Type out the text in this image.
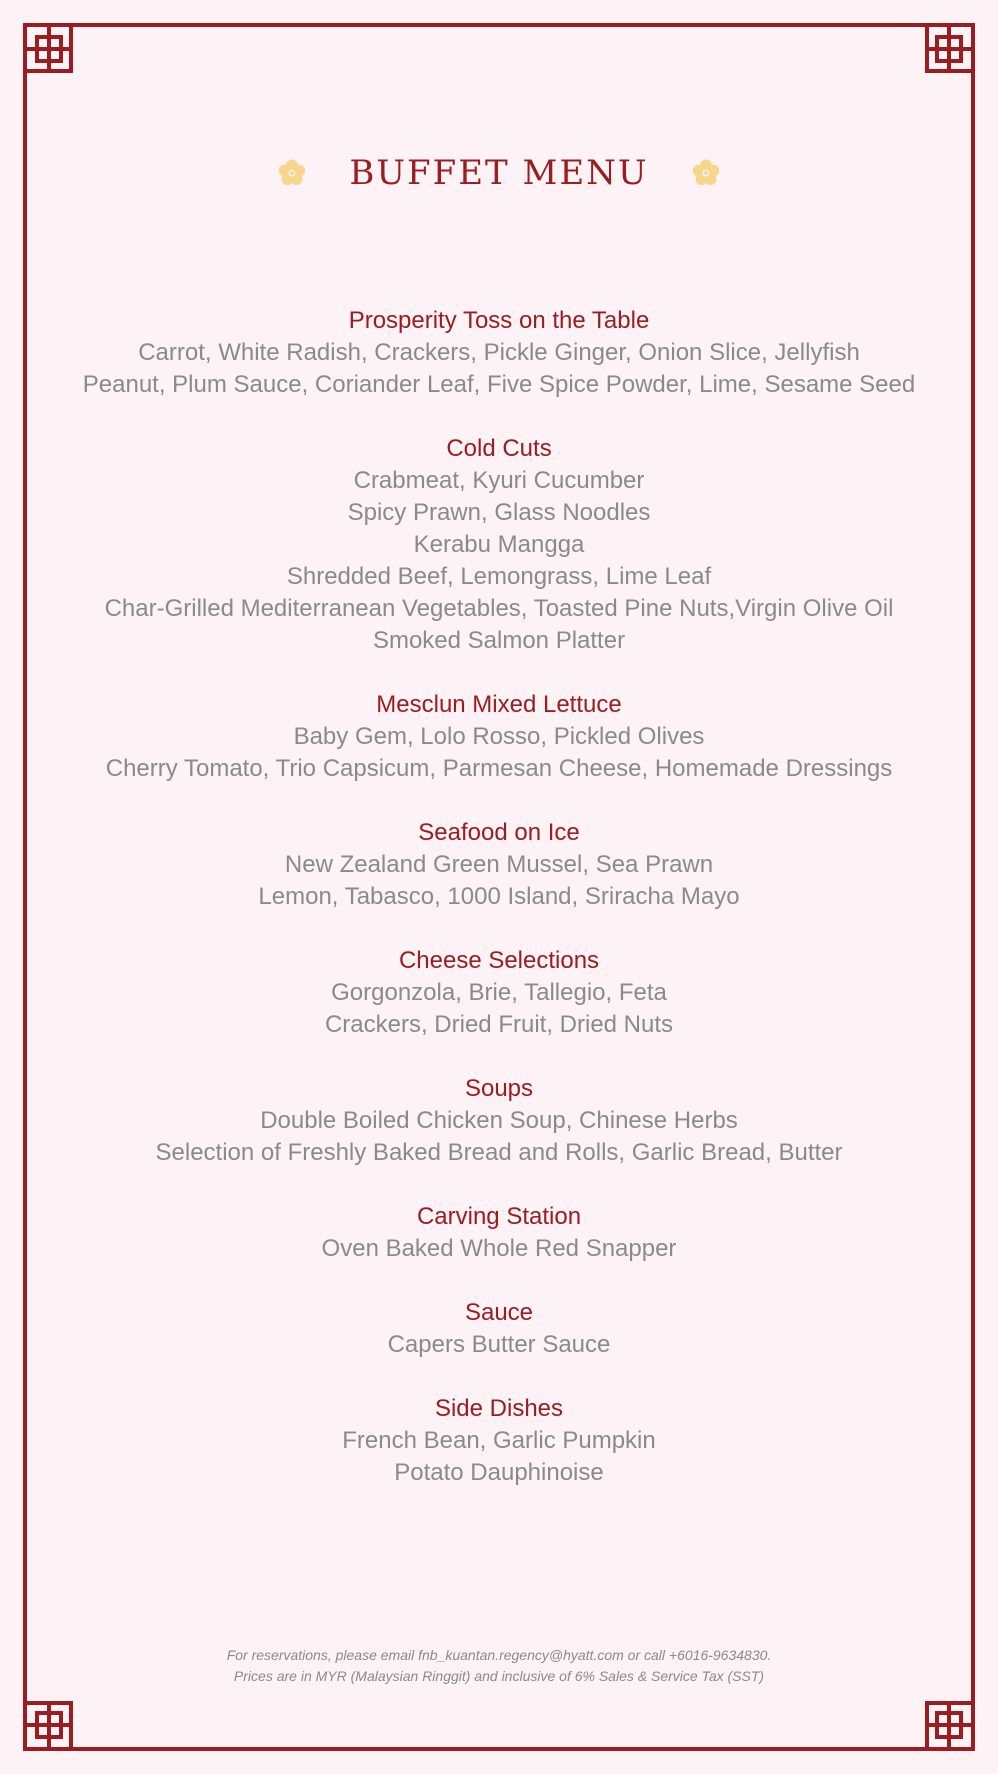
BUFFET MENU
Prosperity Toss on the Table
Carrot, White Radish, Crackers, Pickle Ginger, Onion Slice, Jellyfish
Peanut, Plum Sauce, Coriander Leaf, Five Spice Powder, Lime, Sesame Seed
Cold Cuts
Crabmeat, Kyuri Cucumber
Spicy Prawn, Glass Noodles
Kerabu Mangga
Shredded Beef, Lemongrass, Lime Leaf
Char-Grilled Mediterranean Vegetables, Toasted Pine Nuts,Virgin Olive Oil
Smoked Salmon Platter
Mesclun Mixed Lettuce
Baby Gem, Lolo Rosso, Pickled Olives
Cherry Tomato, Trio Capsicum, Parmesan Cheese, Homemade Dressings
Seafood on Ice
New Zealand Green Mussel, Sea Prawn
Lemon, Tabasco, 1000 Island, Sriracha Mayo
Cheese Selections
Gorgonzola, Brie, Tallegio, Feta
Crackers, Dried Fruit, Dried Nuts
Soups
Double Boiled Chicken Soup, Chinese Herbs
Selection of Freshly Baked Bread and Rolls, Garlic Bread, Butter
Carving Station
Oven Baked Whole Red Snapper
Sauce
Capers Butter Sauce
Side Dishes
French Bean, Garlic Pumpkin
Potato Dauphinoise
For reservations, please email fnb_kuantan.regency@hyatt.com or call +6016-9634830.
Prices are in MYR (Malaysian Ringgit) and inclusive of 6% Sales & Service Tax (SST)
